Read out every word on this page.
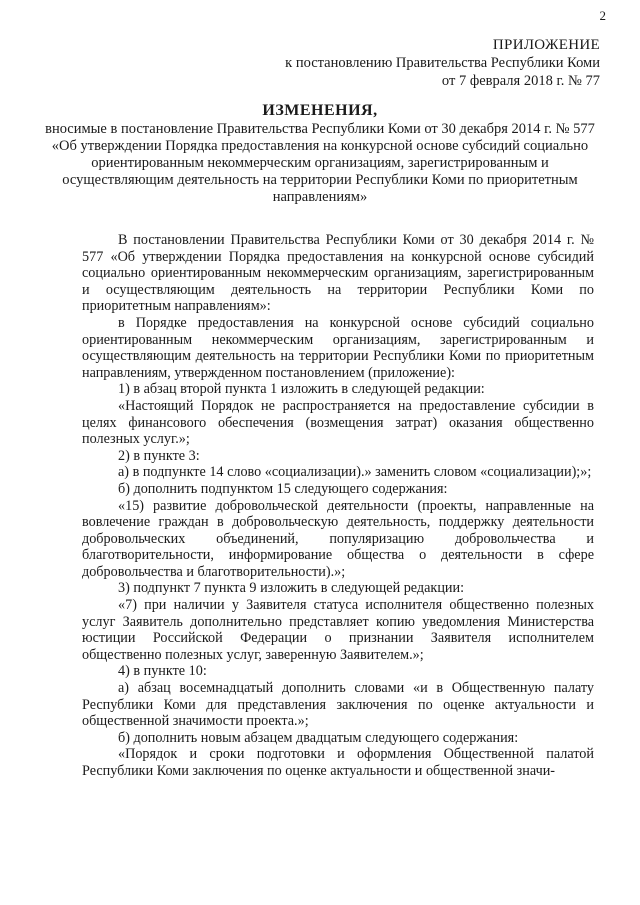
2
ПРИЛОЖЕНИЕ
к постановлению Правительства Республики Коми
от 7 февраля 2018 г. № 77
ИЗМЕНЕНИЯ,
вносимые в постановление Правительства Республики Коми от 30 декабря 2014 г. № 577 «Об утверждении Порядка предоставления на конкурсной основе субсидий социально ориентированным некоммерческим организациям, зарегистрированным и осуществляющим деятельность на территории Республики Коми по приоритетным направлениям»

В постановлении Правительства Республики Коми от 30 декабря 2014 г. № 577 «Об утверждении Порядка предоставления на конкурсной основе субсидий социально ориентированным некоммерческим организациям, зарегистрированным и осуществляющим деятельность на территории Республики Коми по приоритетным направлениям»:

в Порядке предоставления на конкурсной основе субсидий социально ориентированным некоммерческим организациям, зарегистрированным и осуществляющим деятельность на территории Республики Коми по приоритетным направлениям, утвержденном постановлением (приложение):

1) в абзац второй пункта 1 изложить в следующей редакции:

«Настоящий Порядок не распространяется на предоставление субсидии в целях финансового обеспечения (возмещения затрат) оказания общественно полезных услуг.»;

2) в пункте 3:

а) в подпункте 14 слово «социализации).» заменить словом «социализации);»;

б) дополнить подпунктом 15 следующего содержания:

«15) развитие добровольческой деятельности (проекты, направленные на вовлечение граждан в добровольческую деятельность, поддержку деятельности добровольческих объединений, популяризацию добровольчества и благотворительности, информирование общества о деятельности в сфере добровольчества и благотворительности).»;

3) подпункт 7 пункта 9 изложить в следующей редакции:

«7) при наличии у Заявителя статуса исполнителя общественно полезных услуг Заявитель дополнительно представляет копию уведомления Министерства юстиции Российской Федерации о признании Заявителя исполнителем общественно полезных услуг, заверенную Заявителем.»;

4) в пункте 10:

а) абзац восемнадцатый дополнить словами «и в Общественную палату Республики Коми для представления заключения по оценке актуальности и общественной значимости проекта.»;

б) дополнить новым абзацем двадцатым следующего содержания:

«Порядок и сроки подготовки и оформления Общественной палатой Республики Коми заключения по оценке актуальности и общественной значи-
